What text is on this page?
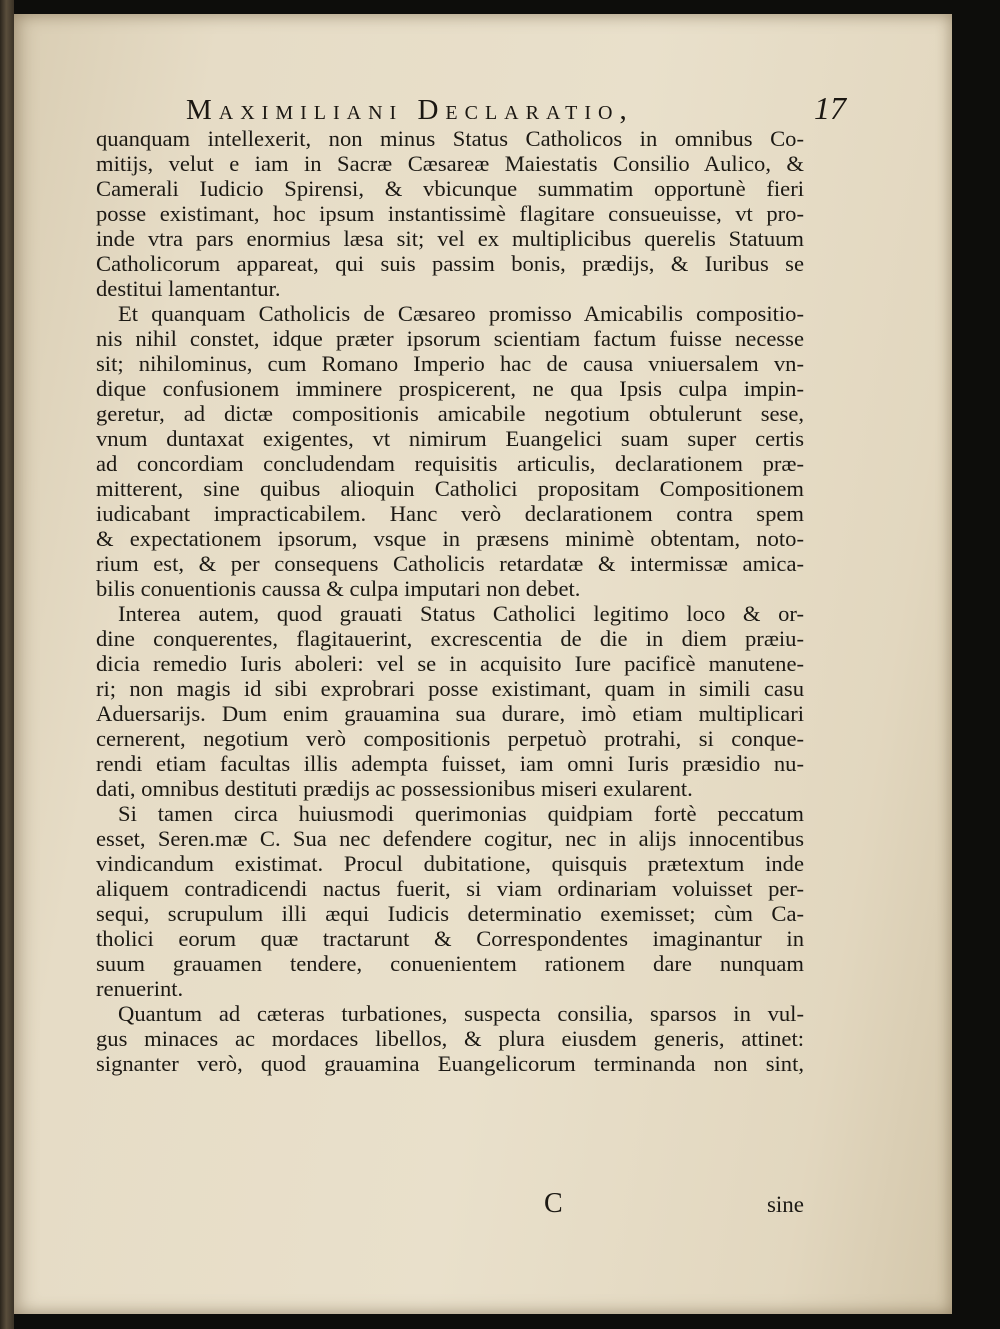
Maximiliani Declaratio,	17

quanquam intellexerit, non minus Status Catholicos in omnibus Co-
mitijs, velut e iam in Sacræ Cæsareæ Maiestatis Consilio Aulico, &
Camerali Iudicio Spirensi, & vbicunque summatim opportunè fieri
posse existimant, hoc ipsum instantissimè flagitare consueuisse, vt pro-
inde vtra pars enormius læsa sit; vel ex multiplicibus querelis Statuum
Catholicorum appareat, qui suis passim bonis, prædijs, & Iuribus se
destitui lamentantur.

Et quanquam Catholicis de Cæsareo promisso Amicabilis compositio-
nis nihil constet, idque præter ipsorum scientiam factum fuisse necesse
sit; nihilominus, cum Romano Imperio hac de causa vniuersalem vn-
dique confusionem imminere prospicerent, ne qua Ipsis culpa impin-
geretur, ad dictæ compositionis amicabile negotium obtulerunt sese,
vnum duntaxat exigentes, vt nimirum Euangelici suam super certis
ad concordiam concludendam requisitis articulis, declarationem præ-
mitterent, sine quibus alioquin Catholici propositam Compositionem
iudicabant impracticabilem. Hanc verò declarationem contra spem
& expectationem ipsorum, vsque in præsens minimè obtentam, noto-
rium est, & per consequens Catholicis retardatæ & intermissæ amica-
bilis conuentionis caussa & culpa imputari non debet.

Interea autem, quod grauati Status Catholici legitimo loco & or-
dine conquerentes, flagitauerint, excrescentia de die in diem præiu-
dicia remedio Iuris aboleri: vel se in acquisito Iure pacificè manutene-
ri; non magis id sibi exprobrari posse existimant, quam in simili casu
Aduersarijs. Dum enim grauamina sua durare, imò etiam multiplicari
cernerent, negotium verò compositionis perpetuò protrahi, si conque-
rendi etiam facultas illis adempta fuisset, iam omni Iuris præsidio nu-
dati, omnibus destituti prædijs ac possessionibus miseri exularent.

Si tamen circa huiusmodi querimonias quidpiam fortè peccatum
esset, Seren.mæ C. Sua nec defendere cogitur, nec in alijs innocentibus
vindicandum existimat. Procul dubitatione, quisquis prætextum inde
aliquem contradicendi nactus fuerit, si viam ordinariam voluisset per-
sequi, scrupulum illi æqui Iudicis determinatio exemisset; cùm Ca-
tholici eorum quæ tractarunt & Correspondentes imaginantur in
suum grauamen tendere, conuenientem rationem dare nunquam
renuerint.

Quantum ad cæteras turbationes, suspecta consilia, sparsos in vul-
gus minaces ac mordaces libellos, & plura eiusdem generis, attinet:
signanter verò, quod grauamina Euangelicorum terminanda non sint,

C	sine
